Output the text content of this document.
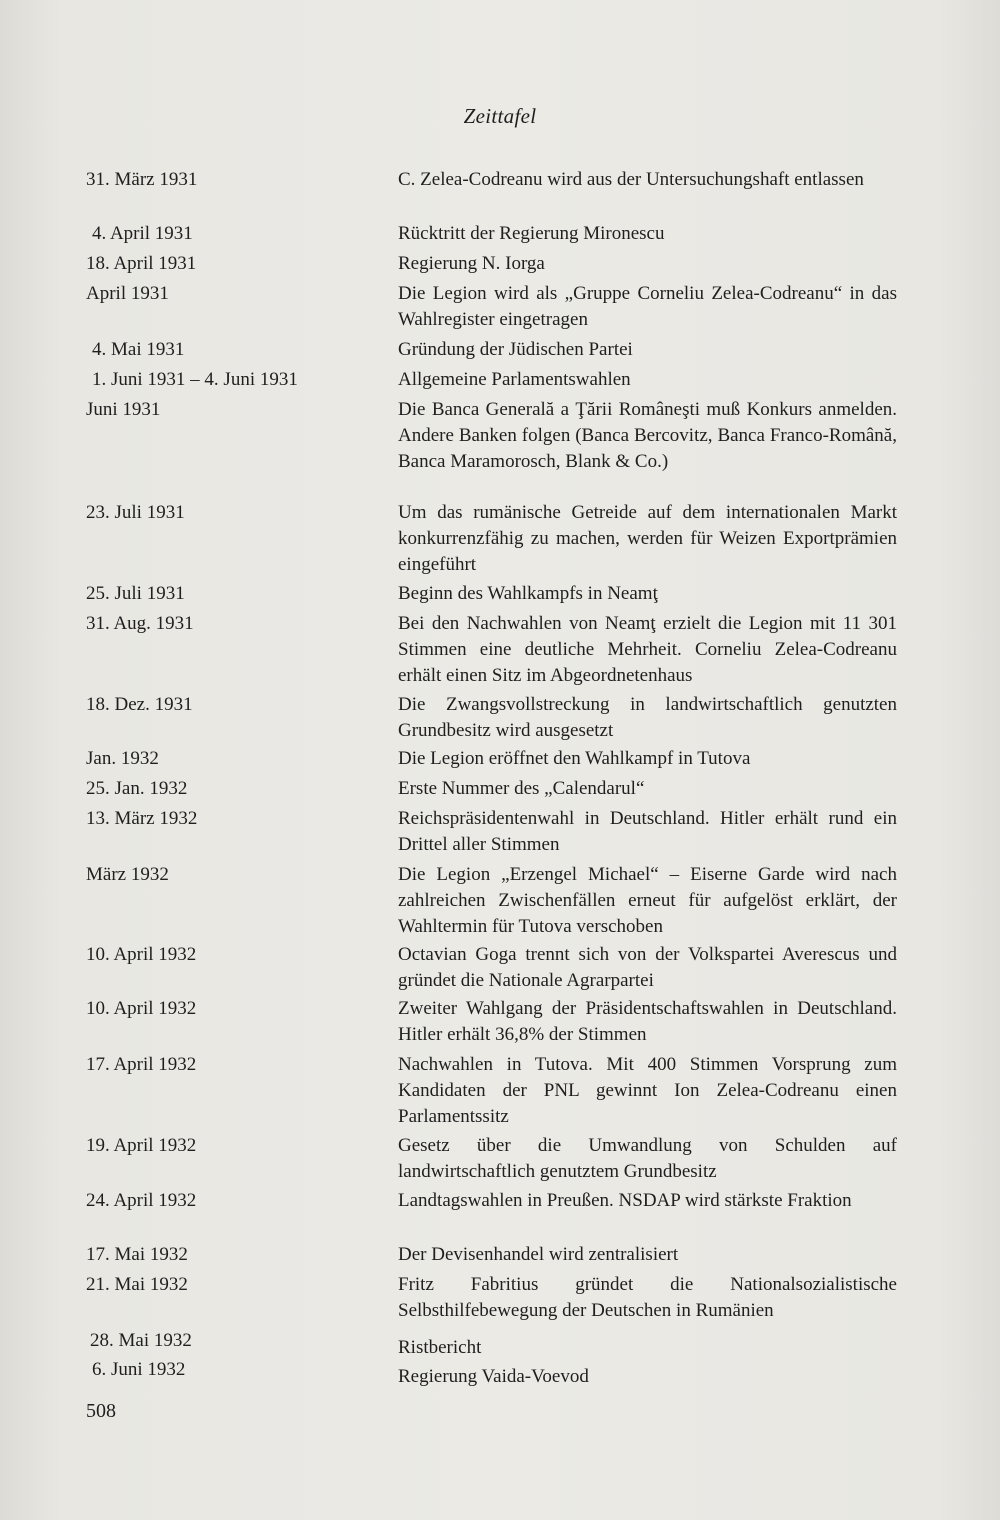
Zeittafel
31. März 1931	C. Zelea-Codreanu wird aus der Untersuchungshaft entlassen
4. April 1931	Rücktritt der Regierung Mironescu
18. April 1931	Regierung N. Iorga
April 1931	Die Legion wird als „Gruppe Corneliu Zelea-Codreanu“ in das Wahlregister eingetragen
4. Mai 1931	Gründung der Jüdischen Partei
1. Juni 1931 – 4. Juni 1931	Allgemeine Parlamentswahlen
Juni 1931	Die Banca Generală a Ţării Româneşti muß Konkurs anmelden. Andere Banken folgen (Banca Bercovitz, Banca Franco-Română, Banca Maramorosch, Blank & Co.)
23. Juli 1931	Um das rumänische Getreide auf dem internationalen Markt konkurrenzfähig zu machen, werden für Weizen Exportprämien eingeführt
25. Juli 1931	Beginn des Wahlkampfs in Neamţ
31. Aug. 1931	Bei den Nachwahlen von Neamţ erzielt die Legion mit 11 301 Stimmen eine deutliche Mehrheit. Corneliu Zelea-Codreanu erhält einen Sitz im Abgeordnetenhaus
18. Dez. 1931	Die Zwangsvollstreckung in landwirtschaftlich genutzten Grundbesitz wird ausgesetzt
Jan. 1932	Die Legion eröffnet den Wahlkampf in Tutova
25. Jan. 1932	Erste Nummer des „Calendarul“
13. März 1932	Reichspräsidentenwahl in Deutschland. Hitler erhält rund ein Drittel aller Stimmen
März 1932	Die Legion „Erzengel Michael“ – Eiserne Garde wird nach zahlreichen Zwischenfällen erneut für aufgelöst erklärt, der Wahltermin für Tutova verschoben
10. April 1932	Octavian Goga trennt sich von der Volkspartei Averescus und gründet die Nationale Agrarpartei
10. April 1932	Zweiter Wahlgang der Präsidentschaftswahlen in Deutschland. Hitler erhält 36,8% der Stimmen
17. April 1932	Nachwahlen in Tutova. Mit 400 Stimmen Vorsprung zum Kandidaten der PNL gewinnt Ion Zelea-Codreanu einen Parlamentssitz
19. April 1932	Gesetz über die Umwandlung von Schulden auf landwirtschaftlich genutztem Grundbesitz
24. April 1932	Landtagswahlen in Preußen. NSDAP wird stärkste Fraktion
17. Mai 1932	Der Devisenhandel wird zentralisiert
21. Mai 1932	Fritz Fabritius gründet die Nationalsozialistische Selbsthilfebewegung der Deutschen in Rumänien
28. Mai 1932	Ristbericht
6. Juni 1932	Regierung Vaida-Voevod
508
